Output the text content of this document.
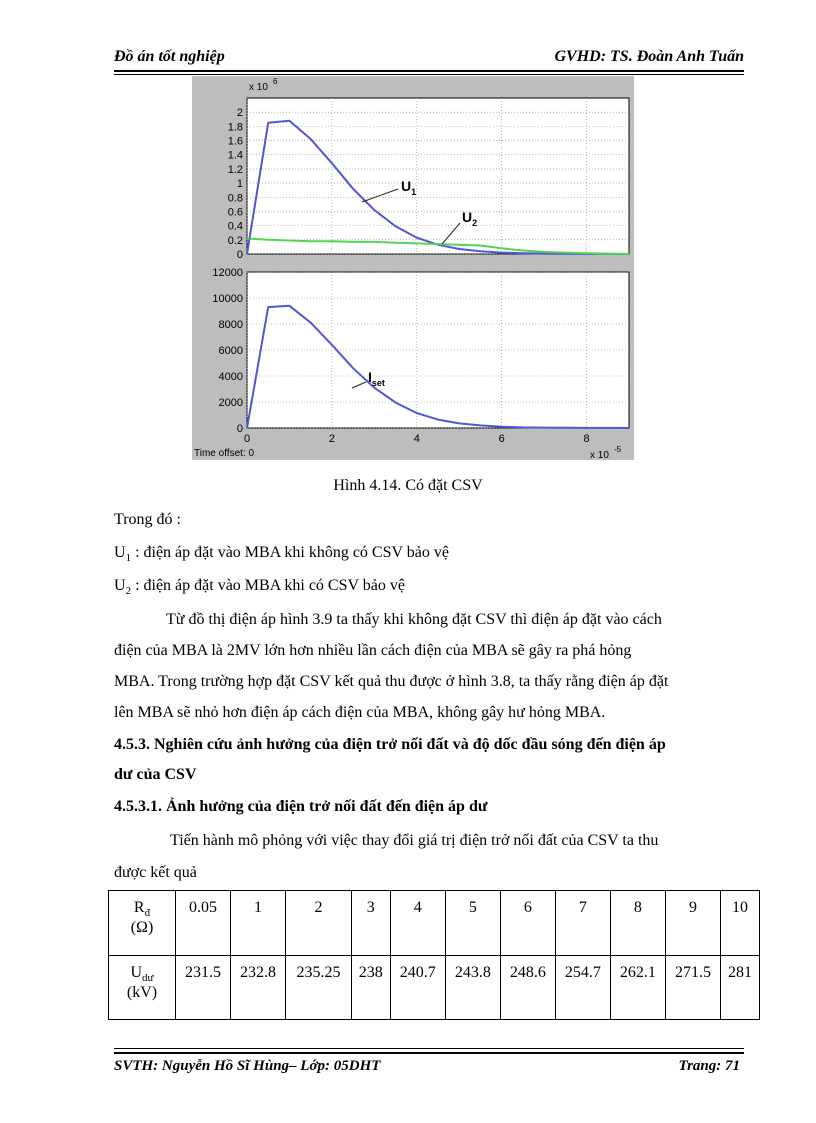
Đồ án tốt nghiệp	GVHD: TS. Đoàn Anh Tuấn
0
0.2
0.4
0.6
0.8
1
1.2
1.4
1.6
1.8
2
0
2000
4000
6000
8000
10000
12000
0	2	4	6	8
x 10
6
x 10
-5
Time offset: 0
$U_1$
$U_2$
$I_{set}$
Hình 4.14. Có đặt CSV
Trong đó :
$U_1$ : điện áp đặt vào MBA khi không có CSV bảo vệ
$U_2$ : điện áp đặt vào MBA khi có CSV bảo vệ
Từ đồ thị điện áp hình 3.9 ta thấy khi không đặt CSV thì điện áp đặt vào cách
điện của MBA là 2MV lớn hơn nhiều lần cách điện của MBA sẽ gây ra phá hỏng
MBA. Trong trường hợp đặt CSV kết quả thu được ở hình 3.8, ta thấy rằng điện áp đặt
lên MBA sẽ nhỏ hơn điện áp cách điện của MBA, không gây hư hỏng MBA.
4.5.3. Nghiên cứu ảnh hưởng của điện trở nối đất và độ dốc đầu sóng đến điện áp
dư của CSV
4.5.3.1. Ảnh hưởng của điện trở nối đất đến điện áp dư
Tiến hành mô phỏng với việc thay đổi giá trị điện trở nối đất của CSV ta thu
được kết quả
$R_đ$
(Ω)	0.05	1	2	3	4	5	6	7	8	9	10
$U_{dư}$
(kV)	231.5	232.8	235.25	238	240.7	243.8	248.6	254.7	262.1	271.5	281
SVTH: Nguyễn Hồ Sĩ Hùng– Lớp: 05DHT	Trang: 71
